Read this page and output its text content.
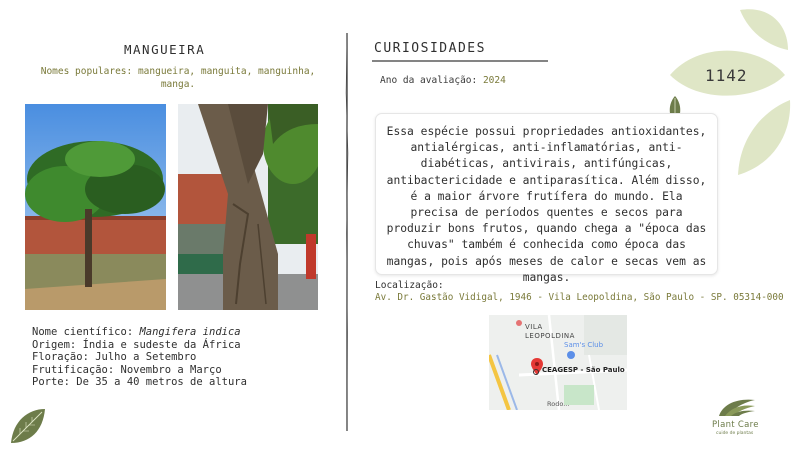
1142
MANGUEIRA
Nomes populares: mangueira, manguita, manguinha, manga.
Nome científico: Mangifera indica
Origem: Índia e sudeste da África
Floração: Julho a Setembro
Frutificação: Novembro a Março
Porte: De 35 a 40 metros de altura
CURIOSIDADES
Ano da avaliação: 2024

Essa espécie possui propriedades antioxidantes, antialérgicas, anti-inflamatórias, anti-diabéticas, antivirais, antifúngicas, antibactericidade e antiparasítica. Além disso, é a maior árvore frutífera do mundo. Ela precisa de períodos quentes e secos para produzir bons frutos, quando chega a "época das chuvas" também é conhecida como época das mangas, pois após meses de calor e secas vem as mangas.

Localização:
Av. Dr. Gastão Vidigal, 1946 - Vila Leopoldina, São Paulo - SP. 05314-000
VILA LEOPOLDINA
Sam's Club
CEAGESP - São Paulo
Rodo...
Plant Care
cuide de plantas
